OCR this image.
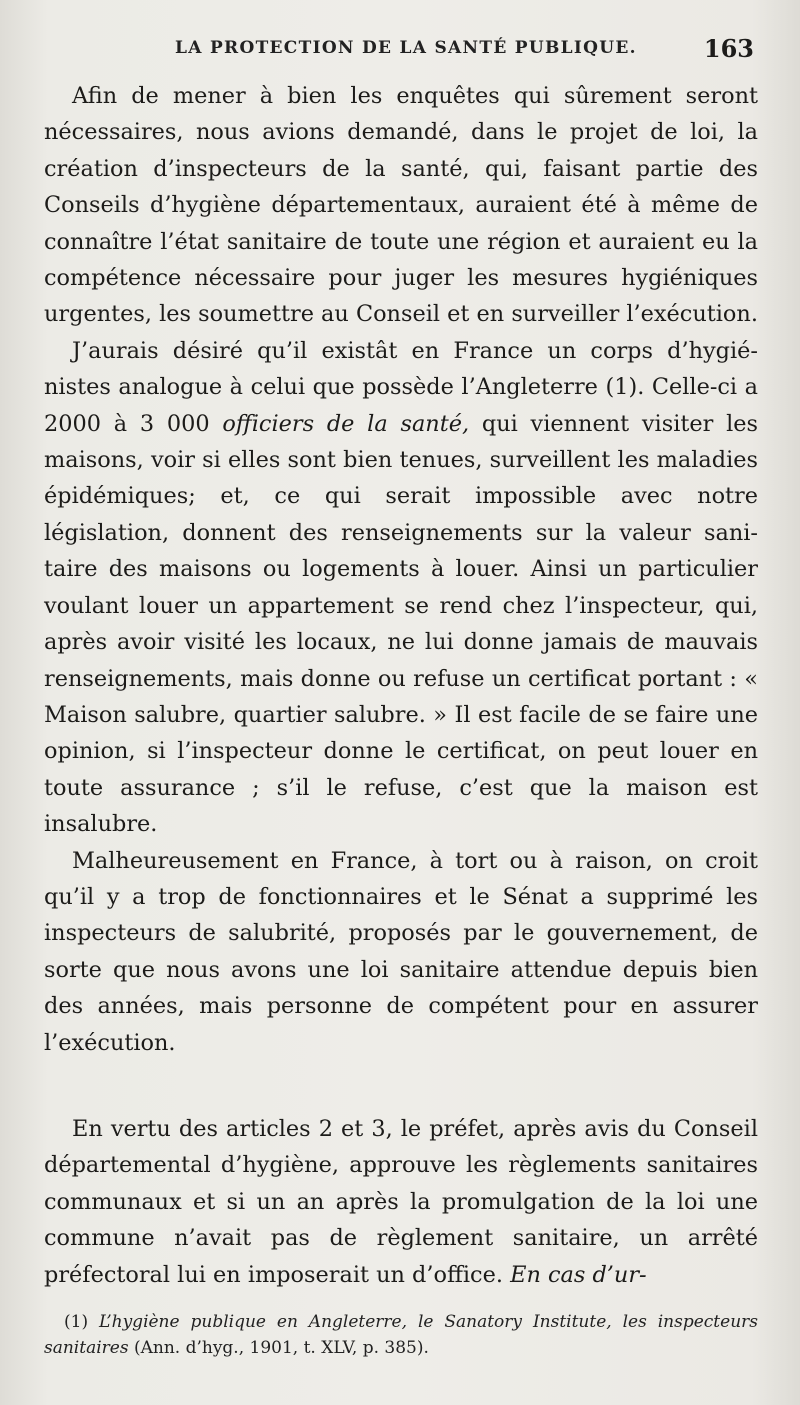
LA PROTECTION DE LA SANTÉ PUBLIQUE.	163

Afin de mener à bien les enquêtes qui sûrement seront nécessaires, nous avions demandé, dans le projet de loi, la création d’inspecteurs de la santé, qui, faisant partie des Conseils d’hygiène départementaux, auraient été à même de connaître l’état sanitaire de toute une région et auraient eu la compétence nécessaire pour juger les mesures hygiéniques urgentes, les soumettre au Conseil et en surveiller l’exécution.

J’aurais désiré qu’il existât en France un corps d’hygiénistes analogue à celui que possède l’Angleterre (1). Celle-ci a 2000 à 3 000 officiers de la santé, qui viennent visiter les maisons, voir si elles sont bien tenues, surveillent les maladies épidémiques; et, ce qui serait impossible avec notre législation, donnent des renseignements sur la valeur sanitaire des maisons ou logements à louer. Ainsi un particulier voulant louer un appartement se rend chez l’inspecteur, qui, après avoir visité les locaux, ne lui donne jamais de mauvais renseignements, mais donne ou refuse un certificat portant : « Maison salubre, quartier salubre. » Il est facile de se faire une opinion, si l’inspecteur donne le certificat, on peut louer en toute assurance ; s’il le refuse, c’est que la maison est insalubre.

Malheureusement en France, à tort ou à raison, on croit qu’il y a trop de fonctionnaires et le Sénat a supprimé les inspecteurs de salubrité, proposés par le gouvernement, de sorte que nous avons une loi sanitaire attendue depuis bien des années, mais personne de compétent pour en assurer l’exécution.

En vertu des articles 2 et 3, le préfet, après avis du Conseil départemental d’hygiène, approuve les règlements sanitaires communaux et si un an après la promulgation de la loi une commune n’avait pas de règlement sanitaire, un arrêté préfectoral lui en imposerait un d’office. En cas d’ur-

(1) L’hygiène publique en Angleterre, le Sanatory Institute, les inspecteurs sanitaires (Ann. d’hyg., 1901, t. XLV, p. 385).
